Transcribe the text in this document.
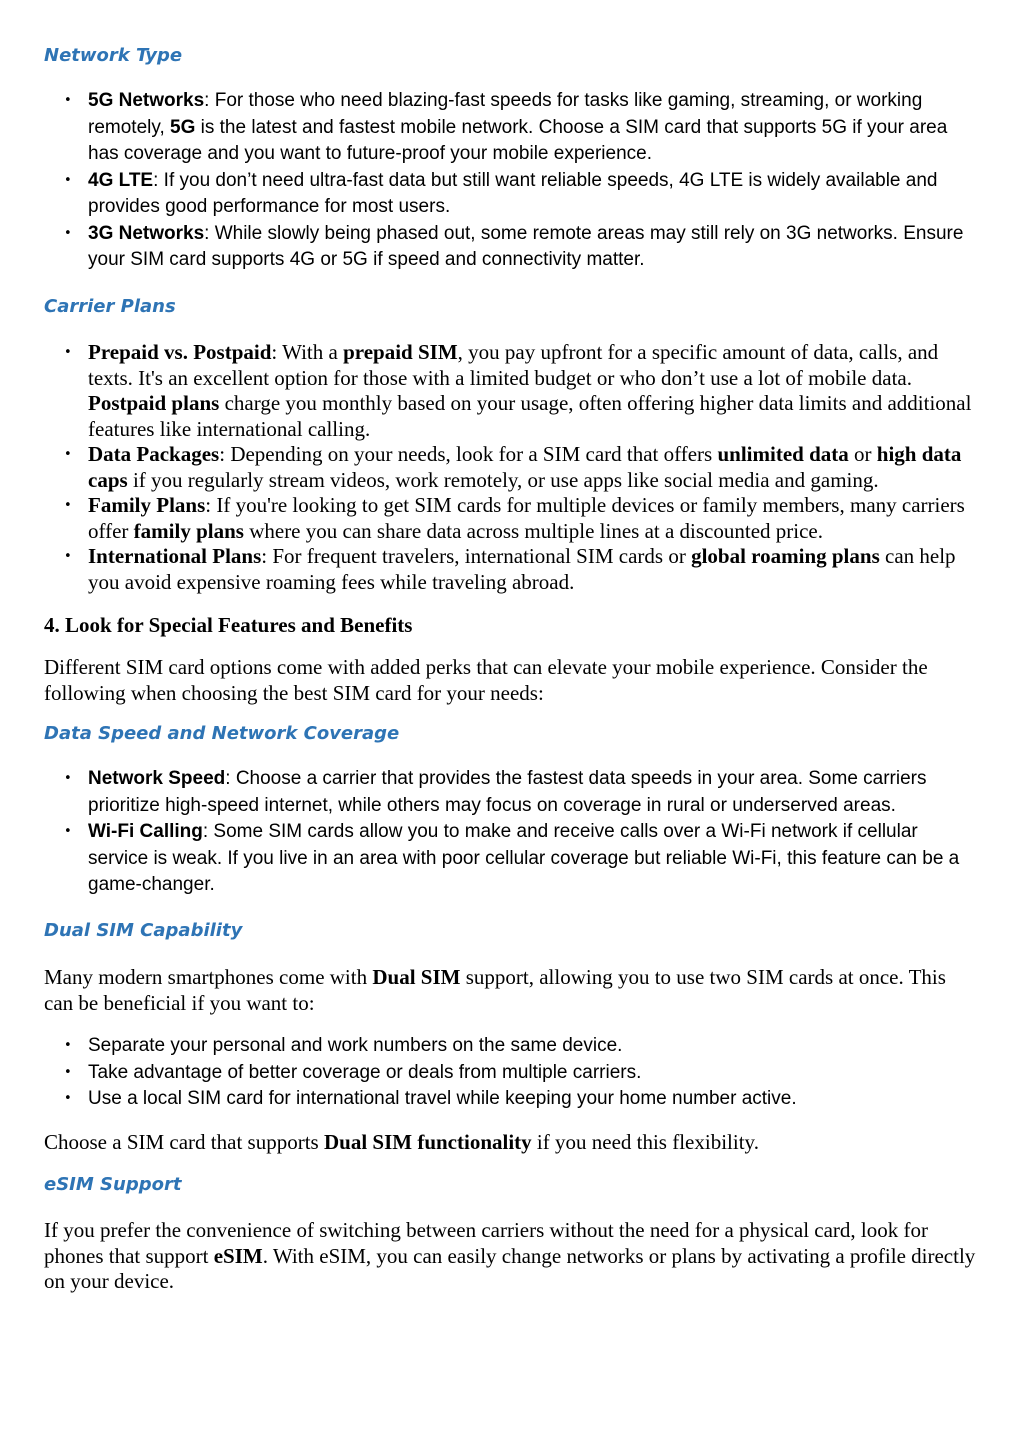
Network Type
• 5G Networks: For those who need blazing-fast speeds for tasks like gaming, streaming, or working remotely, 5G is the latest and fastest mobile network. Choose a SIM card that supports 5G if your area has coverage and you want to future-proof your mobile experience.
• 4G LTE: If you don’t need ultra-fast data but still want reliable speeds, 4G LTE is widely available and provides good performance for most users.
• 3G Networks: While slowly being phased out, some remote areas may still rely on 3G networks. Ensure your SIM card supports 4G or 5G if speed and connectivity matter.
Carrier Plans
• Prepaid vs. Postpaid: With a prepaid SIM, you pay upfront for a specific amount of data, calls, and texts. It's an excellent option for those with a limited budget or who don’t use a lot of mobile data. Postpaid plans charge you monthly based on your usage, often offering higher data limits and additional features like international calling.
• Data Packages: Depending on your needs, look for a SIM card that offers unlimited data or high data caps if you regularly stream videos, work remotely, or use apps like social media and gaming.
• Family Plans: If you're looking to get SIM cards for multiple devices or family members, many carriers offer family plans where you can share data across multiple lines at a discounted price.
• International Plans: For frequent travelers, international SIM cards or global roaming plans can help you avoid expensive roaming fees while traveling abroad.
4. Look for Special Features and Benefits

Different SIM card options come with added perks that can elevate your mobile experience. Consider the following when choosing the best SIM card for your needs:

Data Speed and Network Coverage
• Network Speed: Choose a carrier that provides the fastest data speeds in your area. Some carriers prioritize high-speed internet, while others may focus on coverage in rural or underserved areas.
• Wi-Fi Calling: Some SIM cards allow you to make and receive calls over a Wi-Fi network if cellular service is weak. If you live in an area with poor cellular coverage but reliable Wi-Fi, this feature can be a game-changer.
Dual SIM Capability

Many modern smartphones come with Dual SIM support, allowing you to use two SIM cards at once. This can be beneficial if you want to:

• Separate your personal and work numbers on the same device.
• Take advantage of better coverage or deals from multiple carriers.
• Use a local SIM card for international travel while keeping your home number active.

Choose a SIM card that supports Dual SIM functionality if you need this flexibility.

eSIM Support

If you prefer the convenience of switching between carriers without the need for a physical card, look for phones that support eSIM. With eSIM, you can easily change networks or plans by activating a profile directly on your device.
